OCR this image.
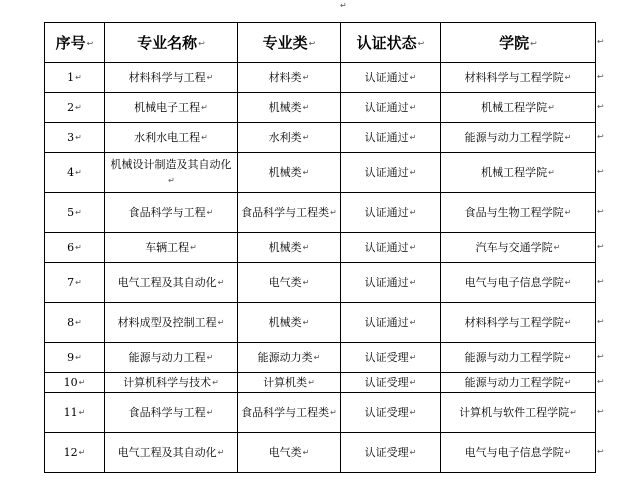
↵
序号↩	专业名称↩	专业类↩	认证状态↩	学院↩
1↵	材料科学与工程↵	材料类↵	认证通过↵	材料科学与工程学院↵
2↵	机械电子工程↵	机械类↵	认证通过↵	机械工程学院↵
3↵	水利水电工程↵	水利类↵	认证通过↵	能源与动力工程学院↵
4↵	机械设计制造及其自动化↵	机械类↵	认证通过↵	机械工程学院↵
5↵	食品科学与工程↵	食品科学与工程类↵	认证通过↵	食品与生物工程学院↵
6↵	车辆工程↵	机械类↵	认证通过↵	汽车与交通学院↵
7↵	电气工程及其自动化↵	电气类↵	认证通过↵	电气与电子信息学院↵
8↵	材料成型及控制工程↵	机械类↵	认证通过↵	材料科学与工程学院↵
9↵	能源与动力工程↵	能源动力类↵	认证受理↵	能源与动力工程学院↵
10↵	计算机科学与技术↵	计算机类↵	认证受理↵	能源与动力工程学院↵
11↵	食品科学与工程↵	食品科学与工程类↵	认证受理↵	计算机与软件工程学院↵
12↵	电气工程及其自动化↵	电气类↵	认证受理↵	电气与电子信息学院↵
↩
↩
↩
↩
↩
↩
↩
↩
↩
↩
↩
↩
↩
